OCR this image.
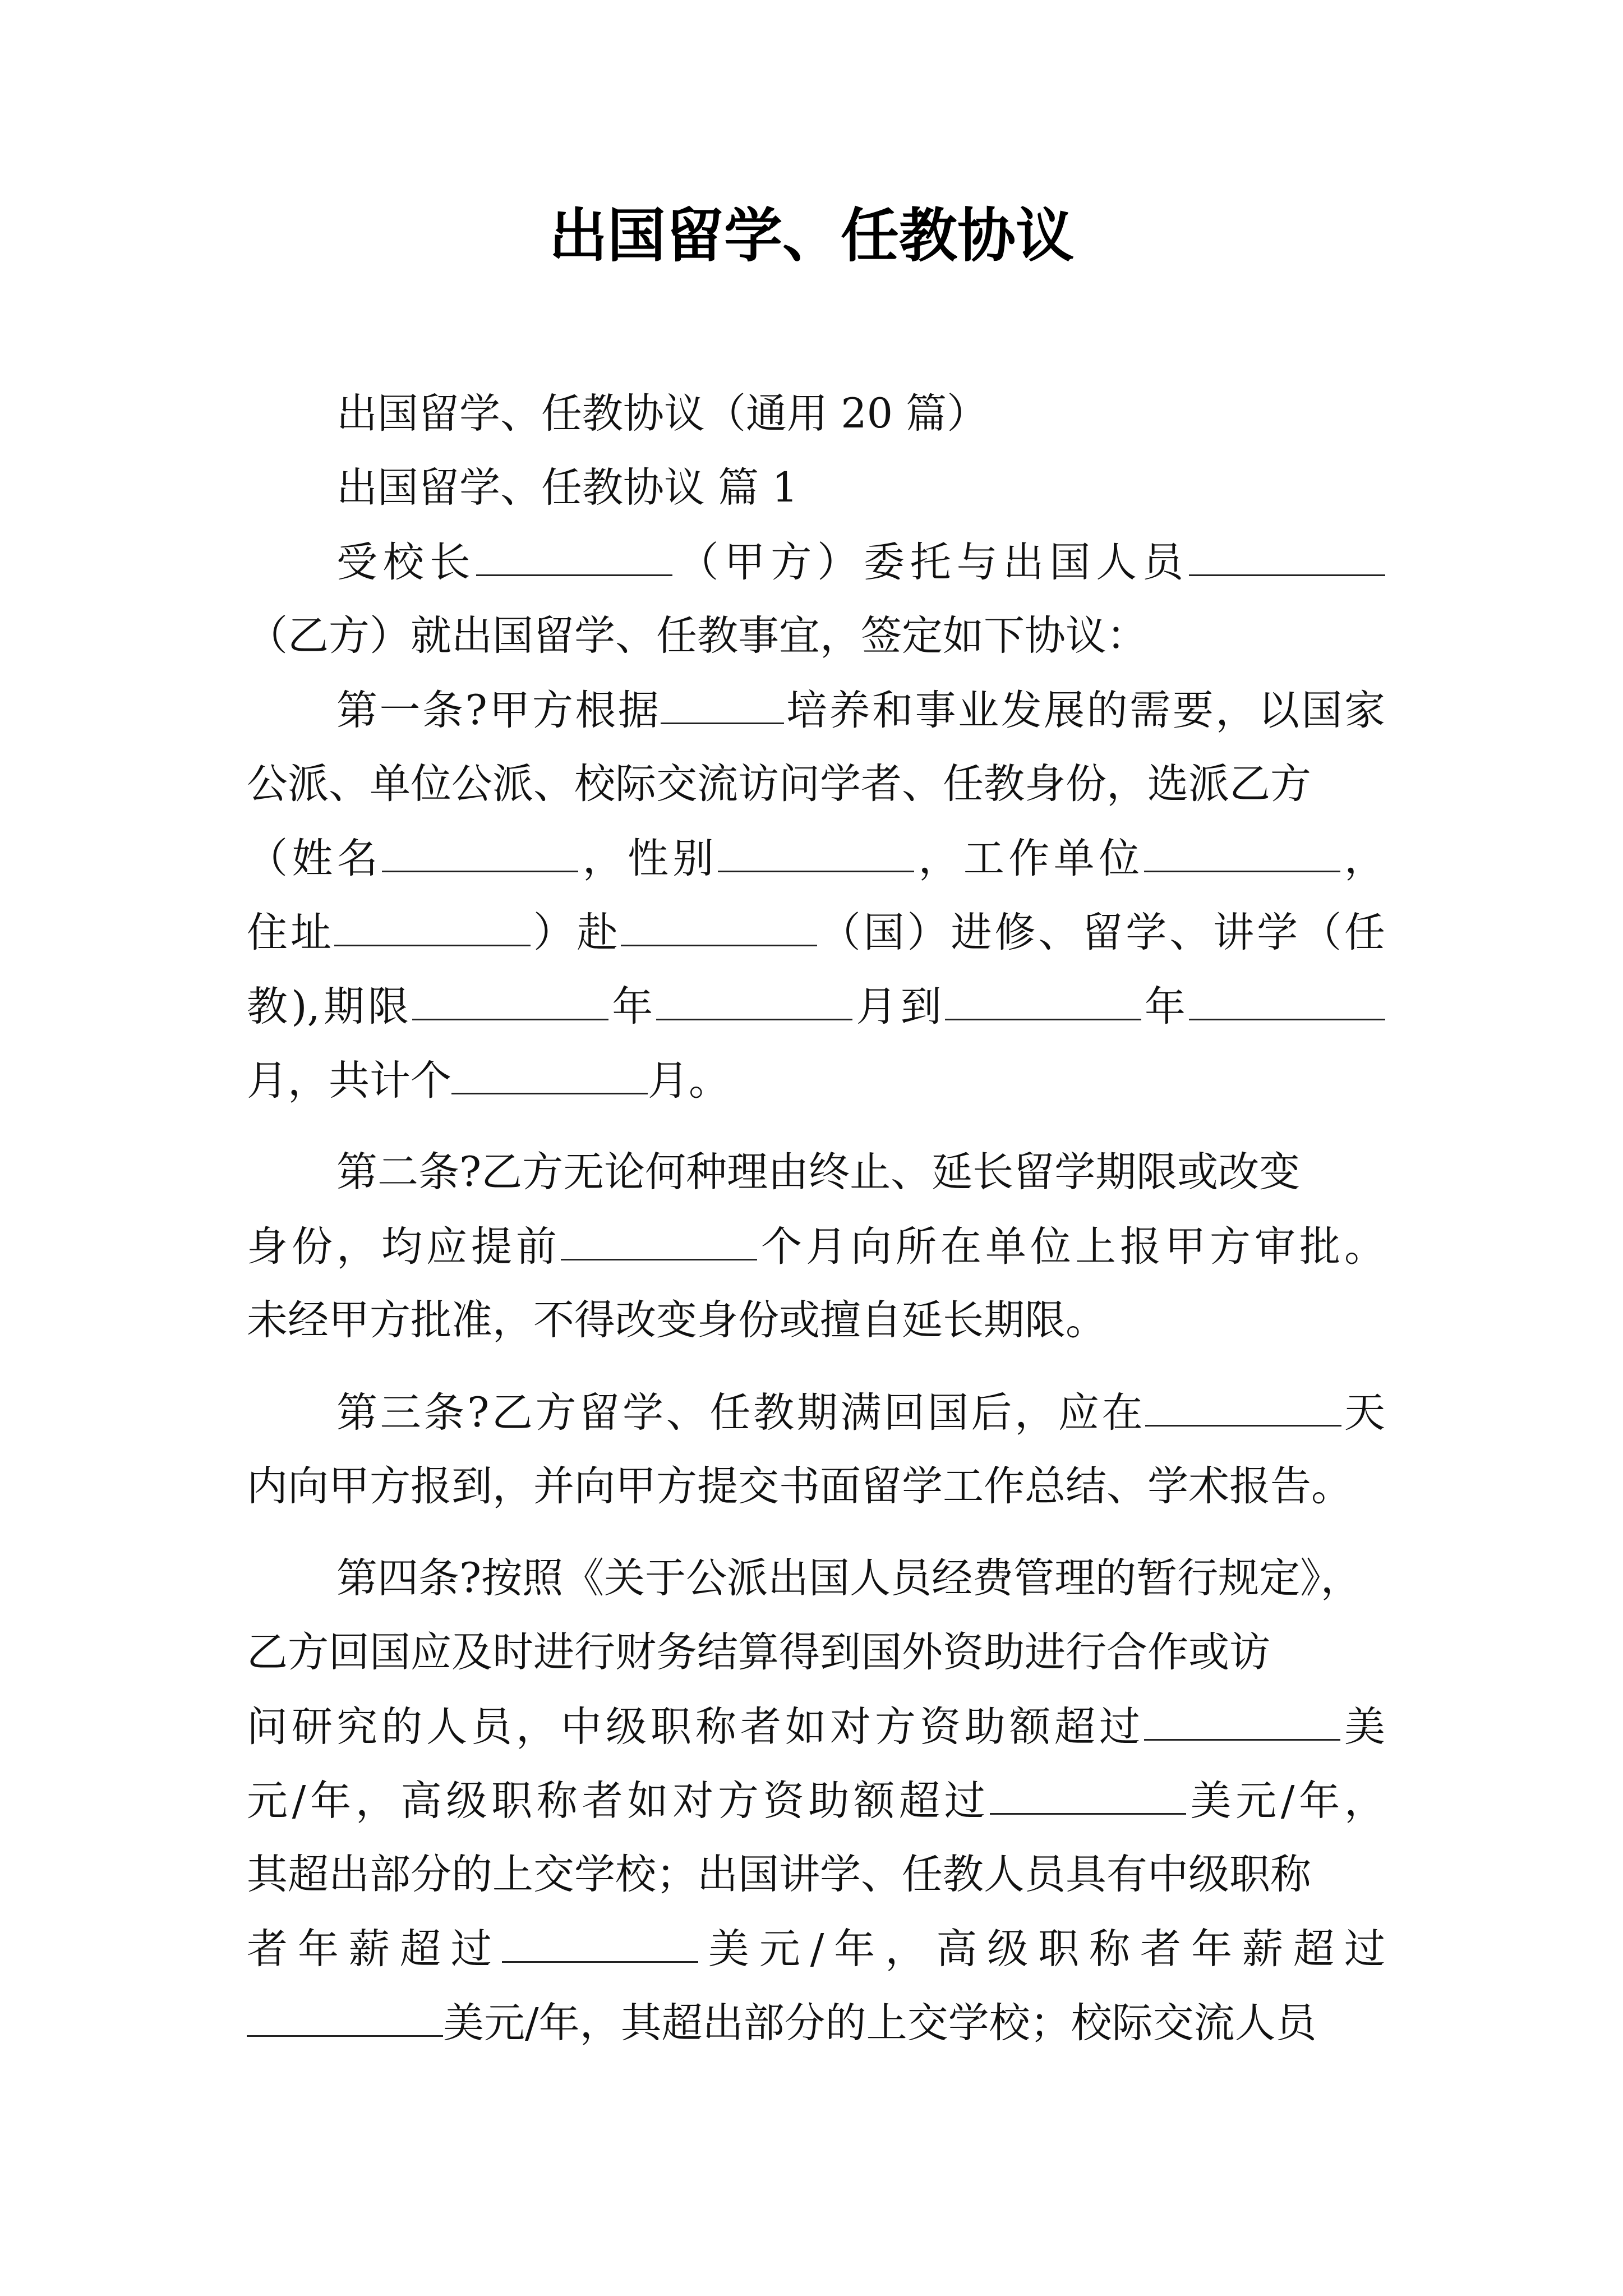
出国留学、任教协议
出国留学、任教协议（通用 20 篇）
出国留学、任教协议 篇 1
受校长	（甲方）委托与出国人员
（乙方）就出国留学、任教事宜，签定如下协议：
第一条?甲方根据	培养和事业发展的需要，以国家
公派、单位公派、校际交流访问学者、任教身份，选派乙方
（姓名	，性别	，工作单位	，
住址	）赴	（国）进修、留学、讲学（任
教),期限	年	月到	年
月，共计个	月。
第二条?乙方无论何种理由终止、延长留学期限或改变
身份，均应提前	个月向所在单位上报甲方审批。
未经甲方批准，不得改变身份或擅自延长期限。
第三条?乙方留学、任教期满回国后，应在	天
内向甲方报到，并向甲方提交书面留学工作总结、学术报告。
第四条?按照《关于公派出国人员经费管理的暂行规定》，
乙方回国应及时进行财务结算得到国外资助进行合作或访
问研究的人员，中级职称者如对方资助额超过	美
元/年，高级职称者如对方资助额超过	美元/年，
其超出部分的上交学校；出国讲学、任教人员具有中级职称
者年薪超过	美元/年，高级职称者年薪超过
美元/年，其超出部分的上交学校；校际交流人员
